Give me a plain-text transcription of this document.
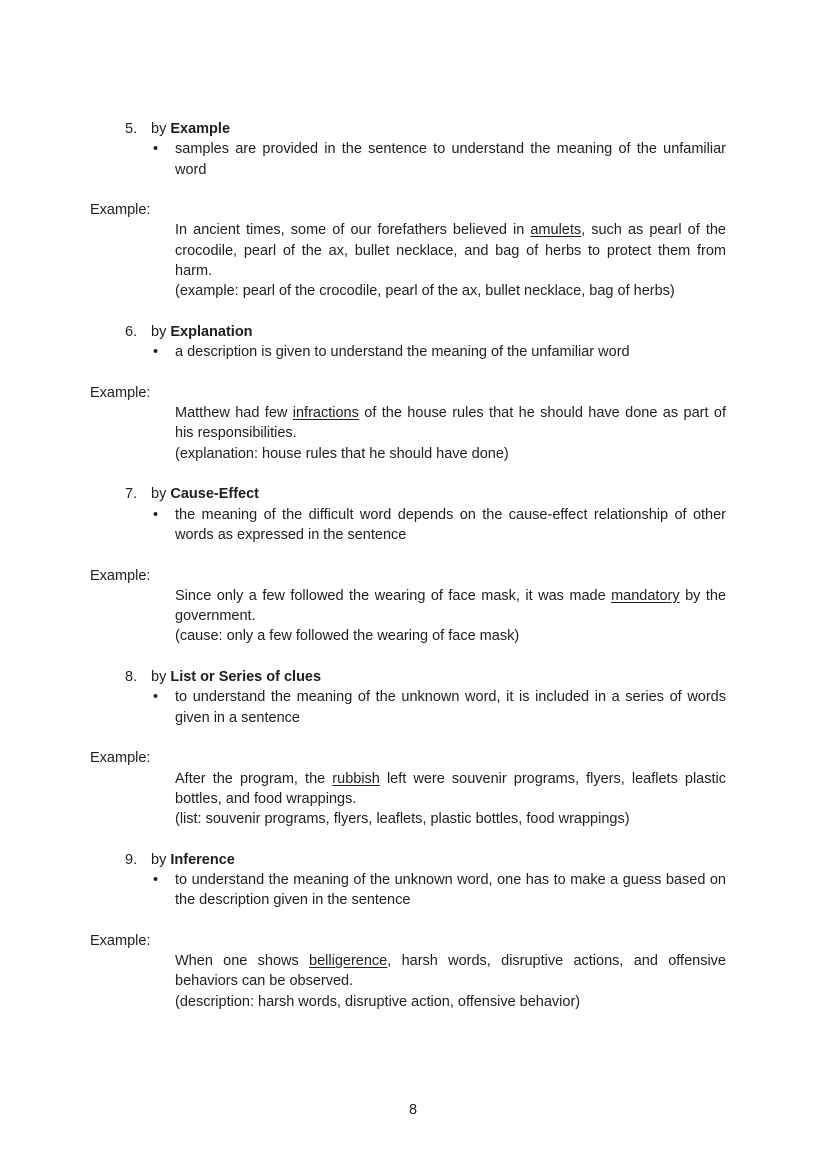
5. by Example
•	samples are provided in the sentence to understand the meaning of the unfamiliar word
Example:

In ancient times, some of our forefathers believed in amulets, such as pearl of the crocodile, pearl of the ax, bullet necklace, and bag of herbs to protect them from harm.

(example: pearl of the crocodile, pearl of the ax, bullet necklace, bag of herbs)

6. by Explanation
•	a description is given to understand the meaning of the unfamiliar word
Example:

Matthew had few infractions of the house rules that he should have done as part of his responsibilities.

(explanation: house rules that he should have done)

7. by Cause-Effect
•	the meaning of the difficult word depends on the cause-effect relationship of other words as expressed in the sentence
Example:

Since only a few followed the wearing of face mask, it was made mandatory by the government.

(cause: only a few followed the wearing of face mask)

8. by List or Series of clues
•	to understand the meaning of the unknown word, it is included in a series of words given in a sentence
Example:

After the program, the rubbish left were souvenir programs, flyers, leaflets plastic bottles, and food wrappings.

(list: souvenir programs, flyers, leaflets, plastic bottles, food wrappings)

9. by Inference
•	to understand the meaning of the unknown word, one has to make a guess based on the description given in the sentence
Example:

When one shows belligerence, harsh words, disruptive actions, and offensive behaviors can be observed.

(description: harsh words, disruptive action, offensive behavior)

8
